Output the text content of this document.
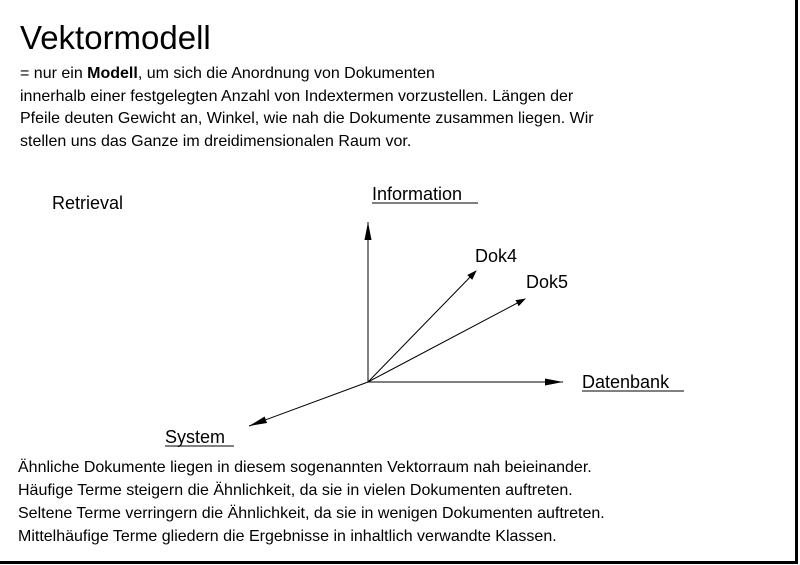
Vektormodell
= nur ein Modell, um sich die Anordnung von Dokumenten
innerhalb einer festgelegten Anzahl von Indextermen vorzustellen. Längen der
Pfeile deuten Gewicht an, Winkel, wie nah die Dokumente zusammen liegen. Wir
stellen uns das Ganze im dreidimensionalen Raum vor.
Retrieval	Information
Dok4
Dok5
Datenbank
System
Ähnliche Dokumente liegen in diesem sogenannten Vektorraum nah beieinander.
Häufige Terme steigern die Ähnlichkeit, da sie in vielen Dokumenten auftreten.
Seltene Terme verringern die Ähnlichkeit, da sie in wenigen Dokumenten auftreten.
Mittelhäufige Terme gliedern die Ergebnisse in inhaltlich verwandte Klassen.
